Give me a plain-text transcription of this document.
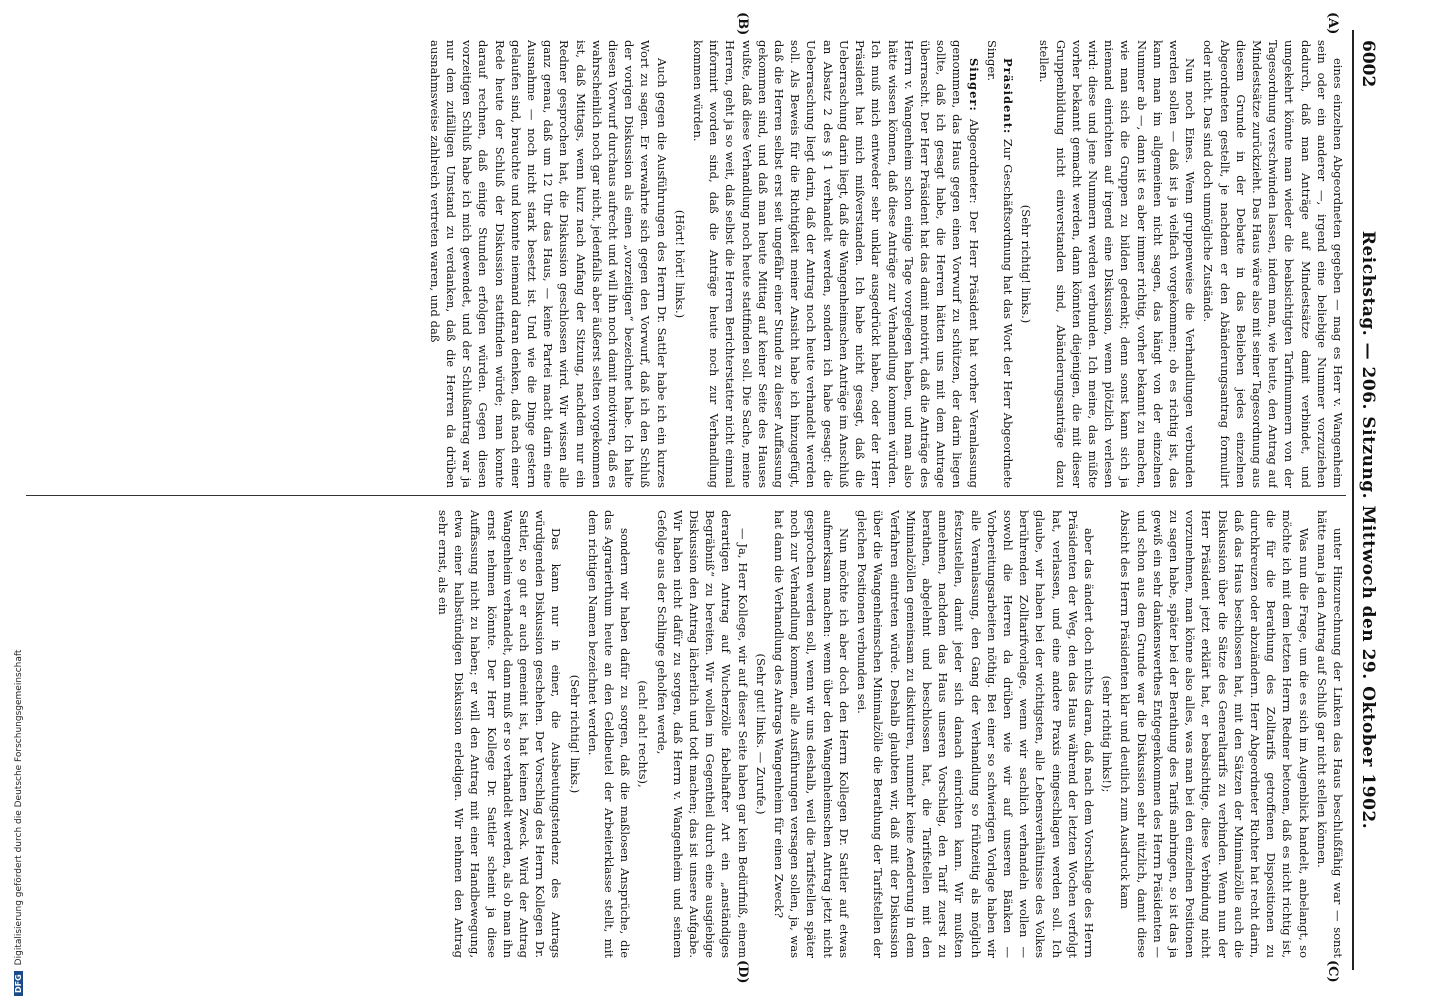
6002
Reichstag. — 206. Sitzung. Mittwoch den 29. Oktober 1902.
(A)
(B)
(C)
(D)

eines einzelnen Abgeordneten gegeben — mag es Herr v. Wangenheim sein oder ein anderer —, irgend eine beliebige Nummer vorzuziehen dadurch, daß man Anträge auf Mindestsätze damit verbindet, und umgekehrt könnte man wieder die beabsichtigten Tarifnummern von der Tagesordnung verschwinden lassen, indem man, wie heute, den Antrag auf Mindestsätze zurückzieht. Das Haus wäre also mit seiner Tagesordnung aus diesem Grunde in der Debatte in das Belieben jedes einzelnen Abgeordneten gestellt, je nachdem er den Abänderungsantrag formulirt oder nicht. Das sind doch unmögliche Zustände.

Nun noch Eines. Wenn gruppenweise die Verhandlungen verbunden werden sollen — daß ist ja vielfach vorgekommen; ob es richtig ist, das kann man im allgemeinen nicht sagen, das hängt von der einzelnen Nummer ab —, dann ist es aber immer richtig, vorher bekannt zu machen, wie man sich die Gruppen zu bilden gedenkt; denn sonst kann sich ja niemand einrichten auf irgend eine Diskussion, wenn plötzlich verlesen wird: diese und jene Nummern werden verbunden. Ich meine, das müßte vorher bekannt gemacht werden, dann könnten diejenigen, die mit dieser Gruppenbildung nicht einverstanden sind, Abänderungsanträge dazu stellen.

(Sehr richtig! links.)

Präsident: Zur Geschäftsordnung hat das Wort der Herr Abgeordnete Singer.

Singer: Abgeordneter: Der Herr Präsident hat vorher Veranlassung genommen, das Haus gegen einen Vorwurf zu schützen, der darin liegen sollte, daß ich gesagt habe, die Herren hätten uns mit dem Antrage überrascht. Der Herr Präsident hat das damit motivirt, daß die Anträge des Herrn v. Wangenheim schon einige Tage vorgelegen haben, und man also hätte wissen können, daß diese Anträge zur Verhandlung kommen würden. Ich muß mich entweder sehr unklar ausgedrückt haben, oder der Herr Präsident hat mich mißverstanden. Ich habe nicht gesagt, daß die Ueberraschung darin liegt, daß die Wangenheimschen Anträge im Anschluß an Absatz 2 des § 1 verhandelt werden, sondern ich habe gesagt: die Ueberraschung liegt darin, daß der Antrag noch heute verhandelt werden soll. Als Beweis für die Richtigkeit meiner Ansicht habe ich hinzugefügt, daß die Herren selbst erst seit ungefähr einer Stunde zu dieser Auffassung gekommen sind, und daß man heute Mittag auf keiner Seite des Hauses wußte, daß diese Verhandlung noch heute stattfinden soll. Die Sache, meine Herren, geht ja so weit, daß selbst die Herren Berichterstatter nicht einmal informirt worden sind, daß die Anträge heute noch zur Verhandlung kommen würden.

(Hört! hört! links.)

Auch gegen die Ausführungen des Herrn Dr. Sattler habe ich ein kurzes Wort zu sagen. Er verwahrte sich gegen den Vorwurf, daß ich den Schluß der vorigen Diskussion als einen „vorzeitigen“ bezeichnet habe. Ich halte diesen Vorwurf durchaus aufrecht und will ihn noch damit motiviren, daß es wahrscheinlich noch gar nicht, jedenfalls aber äußerst selten vorgekommen ist, daß Mittags, wenn kurz nach Anfang der Sitzung, nachdem nur ein Redner gesprochen hat, die Diskussion geschlossen wird. Wir wissen alle ganz genau, daß um 12 Uhr das Haus, — keine Partei macht darin eine Ausnahme — noch nicht stark besetzt ist. Und wie die Dinge gestern gelaufen sind, brauchte und konnte niemand daran denken, daß nach einer Rede heute der Schluß der Diskussion stattfinden würde; man konnte darauf rechnen, daß einige Stunden erfolgen würden. Gegen diesen vorzeitigen Schluß habe ich mich gewendet, und der Schlußantrag war ja nur dem zufälligen Umstand zu verdanken, daß die Herren da drüben ausnahmsweise zahlreich vertreten waren, und daß

unter Hinzurechnung der Linken das Haus beschlußfähig war — sonst hätte man ja den Antrag auf Schluß gar nicht stellen können.

Was nun die Frage, um die es sich im Augenblick handelt, anbelangt, so möchte ich mit dem letzten Herrn Redner betonen, daß es nicht richtig ist, die für die Berathung des Zolltarifs getroffenen Dispositionen zu durchkreuzen oder abzuändern. Herr Abgeordneter Richter hat recht darin, daß das Haus beschlossen hat, mit den Sätzen der Minimalzölle auch die Diskussion über die Sätze des Generaltarifs zu verbinden. Wenn nun der Herr Präsident jetzt erklärt hat, er beabsichtige, diese Verbindung nicht vorzunehmen, man könne also alles, was man bei den einzelnen Positionen zu sagen habe, später bei der Berathung des Tarifs anbringen, so ist das ja gewiß ein sehr dankenswerthes Entgegenkommen des Herrn Präsidenten — und schon aus dem Grunde war die Diskussion sehr nützlich, damit diese Absicht des Herrn Präsidenten klar und deutlich zum Ausdruck kam

(sehr richtig links!);

aber das ändert doch nichts daran, daß nach dem Vorschlage des Herrn Präsidenten der Weg, den das Haus während der letzten Wochen verfolgt hat, verlassen, und eine andere Praxis eingeschlagen werden soll. Ich glaube, wir haben bei der wichtigsten, alle Lebensverhältnisse des Volkes berührenden Zolltarifvorlage, wenn wir sachlich verhandeln wollen — sowohl die Herren da drüben wie wir auf unseren Bänken — Vorbereitungsarbeiten nöthig. Bei einer so schwierigen Vorlage haben wir alle Veranlassung, den Gang der Verhandlung so frühzeitig als möglich festzustellen, damit jeder sich danach einrichten kann. Wir mußten annehmen, nachdem das Haus unseren Vorschlag, den Tarif zuerst zu berathen, abgelehnt und beschlossen hat, die Tarifstellen mit den Minimalzöllen gemeinsam zu diskutiren, nunmehr keine Aenderung in dem Verfahren eintreten würde. Deshalb glaubten wir, daß mit der Diskussion über die Wangenheimschen Minimalzölle die Berathung der Tarifstellen der gleichen Positionen verbunden sei.

Nun möchte ich aber doch den Herrn Kollegen Dr. Sattler auf etwas aufmerksam machen: wenn über den Wangenheimschen Antrag jetzt nicht gesprochen werden soll, wenn wir uns deshalb, weil die Tarifstellen später noch zur Verhandlung kommen, alle Ausführungen versagen sollen, ja, was hat dann die Verhandlung des Antrags Wangenheim für einen Zweck?

(Sehr gut! links. — Zurufe.)

— Ja, Herr Kollege, wir auf dieser Seite haben gar kein Bedürfniß, einem derartigen Antrag auf Wucherzölle fabelhafter Art ein „anständiges Begräbniß“ zu bereiten. Wir wollen im Gegentheil durch eine ausgiebige Diskussion den Antrag lächerlich und todt machen; das ist unsere Aufgabe. Wir haben nicht dafür zu sorgen, daß Herrn v. Wangenheim und seinem Gefolge aus der Schlinge geholfen werde,

(ach! ach! rechts),

sondern wir haben dafür zu sorgen, daß die maßlosen Ansprüche, die das Agrarierthum heute an den Geldbeutel der Arbeiterklasse stellt, mit dem richtigen Namen bezeichnet werden.

(Sehr richtig! links.)

Das kann nur in einer, die Ausbeutungstendenz des Antrags würdigenden Diskussion geschehen. Der Vorschlag des Herrn Kollegen Dr. Sattler, so gut er auch gemeint ist, hat keinen Zweck. Wird der Antrag Wangenheim verhandelt, dann muß er so verhandelt werden, als ob man ihn ernst nehmen könnte. Der Herr Kollege Dr. Sattler scheint ja diese Auffassung nicht zu haben; er will den Antrag mit einer Handbewegung, etwa einer halbstündigen Diskussion erledigen. Wir nehmen den Antrag sehr ernst, als ein

DFGDigitalisierung gefördert durch die Deutsche Forschungsgemeinschaft
